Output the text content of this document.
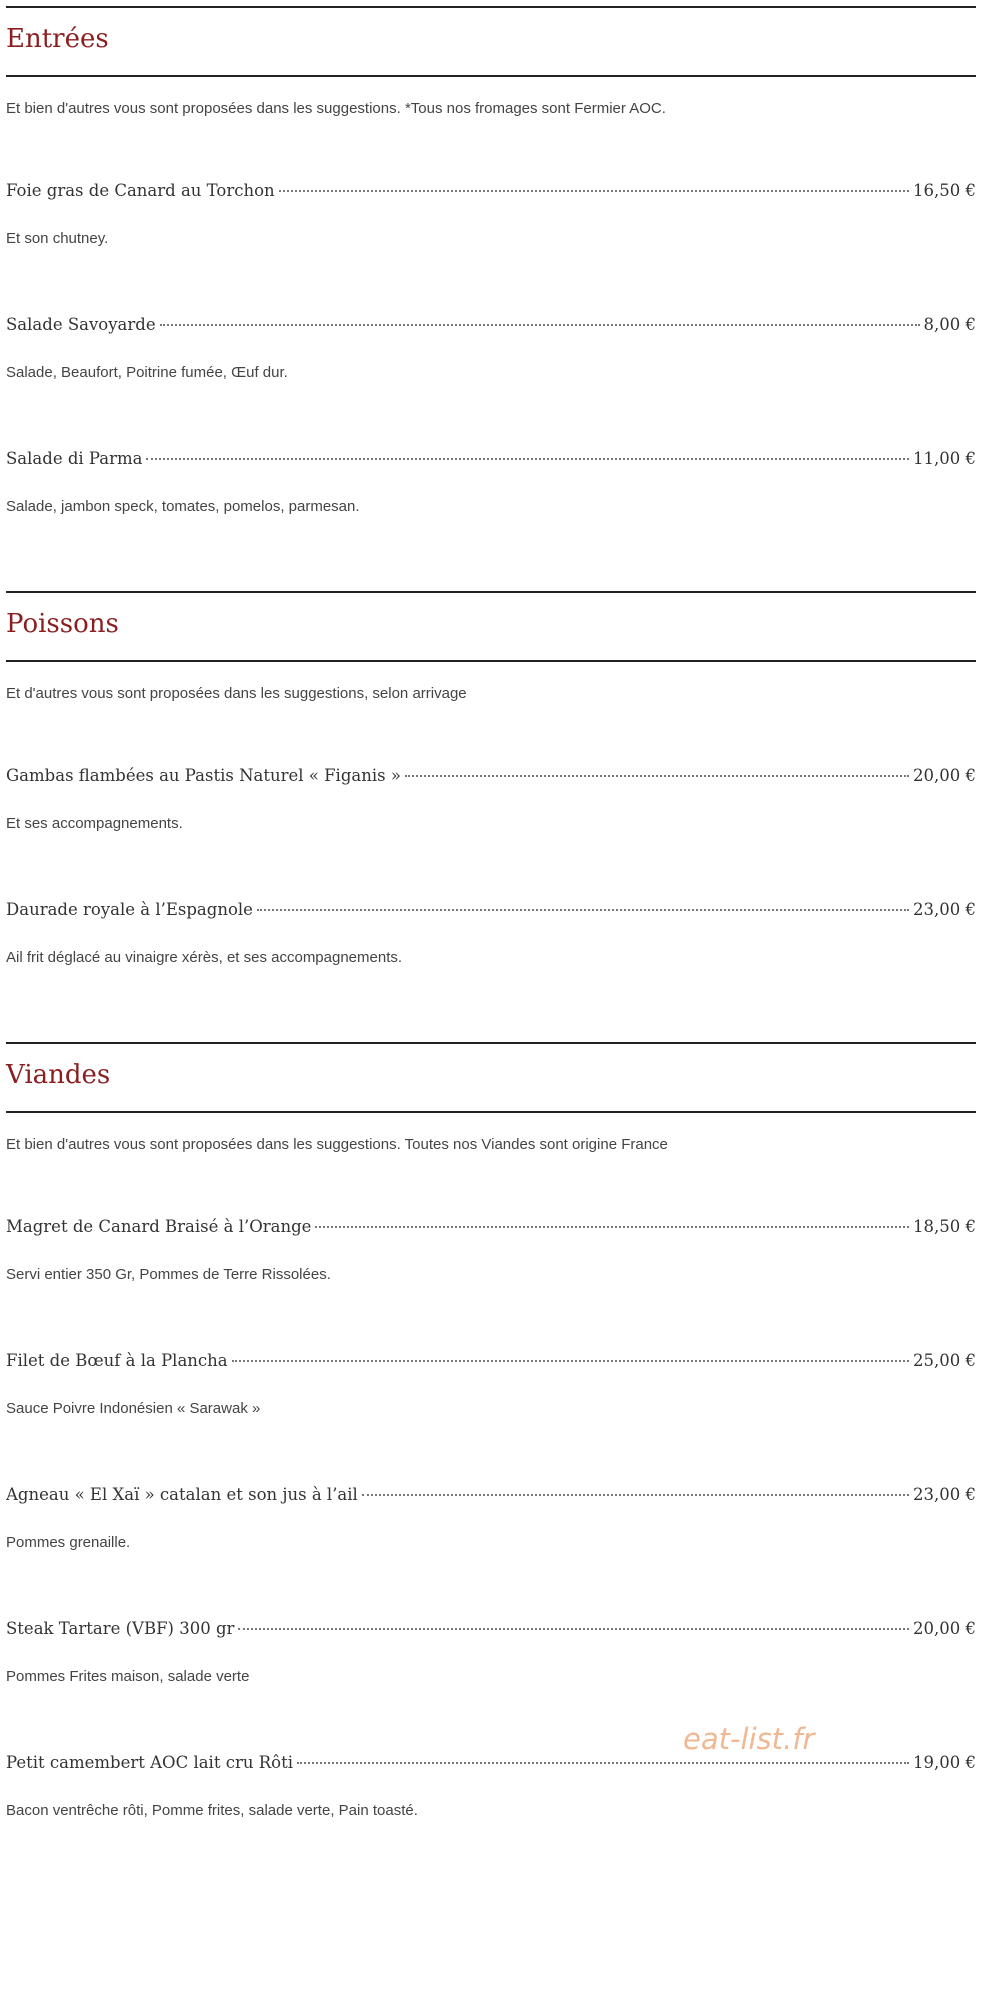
Entrées

Et bien d'autres vous sont proposées dans les suggestions. *Tous nos fromages sont Fermier AOC.

Foie gras de Canard au Torchon	16,50 €

Et son chutney.

Salade Savoyarde	8,00 €

Salade, Beaufort, Poitrine fumée, Œuf dur.

Salade di Parma	11,00 €

Salade, jambon speck, tomates, pomelos, parmesan.

Poissons

Et d'autres vous sont proposées dans les suggestions, selon arrivage

Gambas flambées au Pastis Naturel « Figanis »	20,00 €

Et ses accompagnements.

Daurade royale à l’Espagnole	23,00 €

Ail frit déglacé au vinaigre xérès, et ses accompagnements.

Viandes

Et bien d'autres vous sont proposées dans les suggestions. Toutes nos Viandes sont origine France

Magret de Canard Braisé à l’Orange	18,50 €

Servi entier 350 Gr, Pommes de Terre Rissolées.

Filet de Bœuf à la Plancha	25,00 €

Sauce Poivre Indonésien « Sarawak »

Agneau « El Xaï » catalan et son jus à l’ail	23,00 €

Pommes grenaille.

Steak Tartare (VBF) 300 gr	20,00 €

Pommes Frites maison, salade verte

Petit camembert AOC lait cru Rôti	19,00 €

Bacon ventrêche rôti, Pomme frites, salade verte, Pain toasté.

eat-list.fr
